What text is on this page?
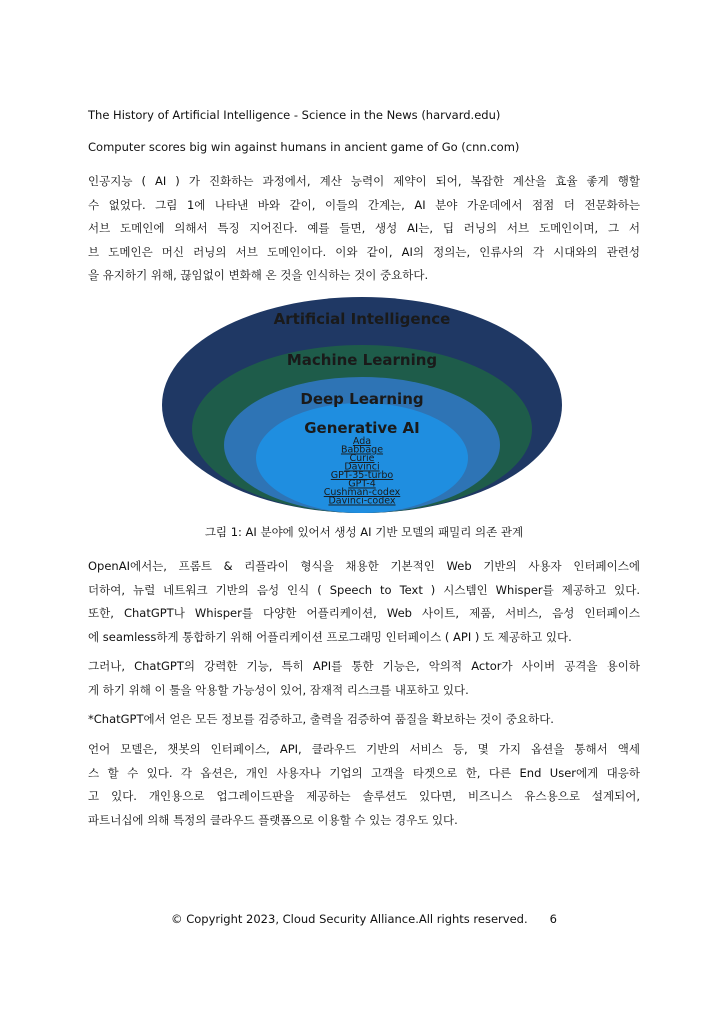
The History of Artificial Intelligence - Science in the News (harvard.edu)
Computer scores big win against humans in ancient game of Go (cnn.com)
인공지능 ( AI ) 가 진화하는 과정에서, 계산 능력이 제약이 되어, 복잡한 계산을 효율 좋게 행할
수 없었다. 그림 1에 나타낸 바와 같이, 이들의 간계는, AI 분야 가운데에서 점점 더 전문화하는
서브 도메인에 의해서 특징 지어진다. 예를 들면, 생성 AI는, 딥 러닝의 서브 도메인이며, 그 서
브 도메인은 머신 러닝의 서브 도메인이다. 이와 같이, AI의 정의는, 인류사의 각 시대와의 관련성
을 유지하기 위해, 끊임없이 변화해 온 것을 인식하는 것이 중요하다.
Artificial Intelligence
Machine Learning
Deep Learning
Generative AI
Ada
Babbage
Curie
Davinci
GPT-35-turbo
GPT-4
Cushman-codex
Davinci-codex
그림 1: AI 분야에 있어서 생성 AI 기반 모델의 패밀리 의존 관계
OpenAI에서는, 프롬트 & 리플라이 형식을 채용한 기본적인 Web 기반의 사용자 인터페이스에
더하여, 뉴럴 네트워크 기반의 음성 인식 ( Speech to Text ) 시스템인 Whisper를 제공하고 있다.
또한, ChatGPT나 Whisper를 다양한 어플리케이션, Web 사이트, 제품, 서비스, 음성 인터페이스
에 seamless하게 통합하기 위해 어플리케이션 프로그래밍 인터페이스 ( API ) 도 제공하고 있다.
그러나, ChatGPT의 강력한 기능, 특히 API를 통한 기능은, 악의적 Actor가 사이버 공격을 용이하
게 하기 위해 이 툴을 악용할 가능성이 있어, 잠재적 리스크를 내포하고 있다.
*ChatGPT에서 얻은 모든 정보를 검증하고, 출력을 검증하여 품질을 확보하는 것이 중요하다.
언어 모델은, 챗봇의 인터페이스, API, 클라우드 기반의 서비스 등, 몇 가지 옵션을 통해서 액세
스 할 수 있다. 각 옵션은, 개인 사용자나 기업의 고객을 타겟으로 한, 다른 End User에게 대응하
고 있다. 개인용으로 업그레이드판을 제공하는 솔루션도 있다면, 비즈니스 유스용으로 설계되어,
파트너십에 의해 특정의 클라우드 플랫폼으로 이용할 수 있는 경우도 있다.
© Copyright 2023, Cloud Security Alliance.All rights reserved. 6
